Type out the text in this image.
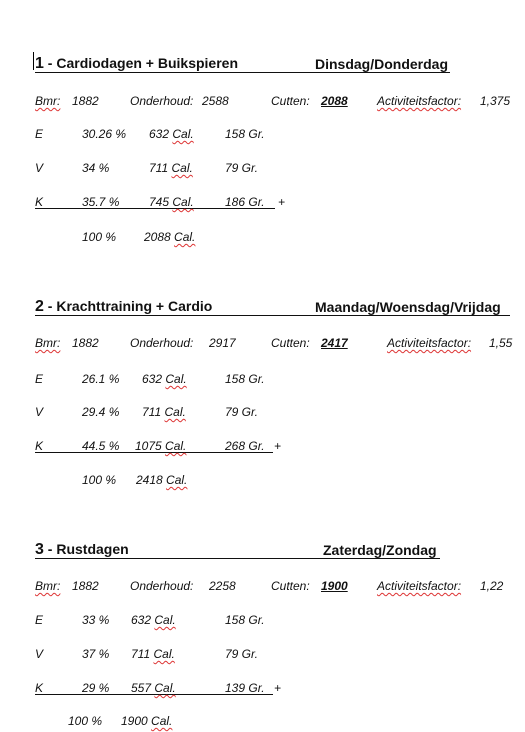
1 - Cardiodagen + Buikspieren	Dinsdag/Donderdag
Bmr: 1882	Onderhoud: 2588	Cutten: 2088 Activiteitsfactor: 1,375
E	30.26 % 632 Cal.	158 Gr.
V	34 %	711 Cal.	79 Gr.
K	35.7 % 745 Cal.	186 Gr. +
100 % 2088 Cal.
2 - Krachttraining + Cardio	Maandag/Woensdag/Vrijdag
Bmr: 1882	Onderhoud: 2917	Cutten: 2417	Activiteitsfactor: 1,55
E	26.1 % 632 Cal.	158 Gr.
V	29.4 % 711 Cal.	79 Gr.
K	44.5 % 1075 Cal.	268 Gr. +
100 % 2418 Cal.
3 - Rustdagen	Zaterdag/Zondag
Bmr: 1882	Onderhoud: 2258	Cutten: 1900 Activiteitsfactor: 1,22
E	33 % 632 Cal.	158 Gr.
V	37 % 711 Cal.	79 Gr.
K	29 % 557 Cal.	139 Gr. +
100 % 1900 Cal.
